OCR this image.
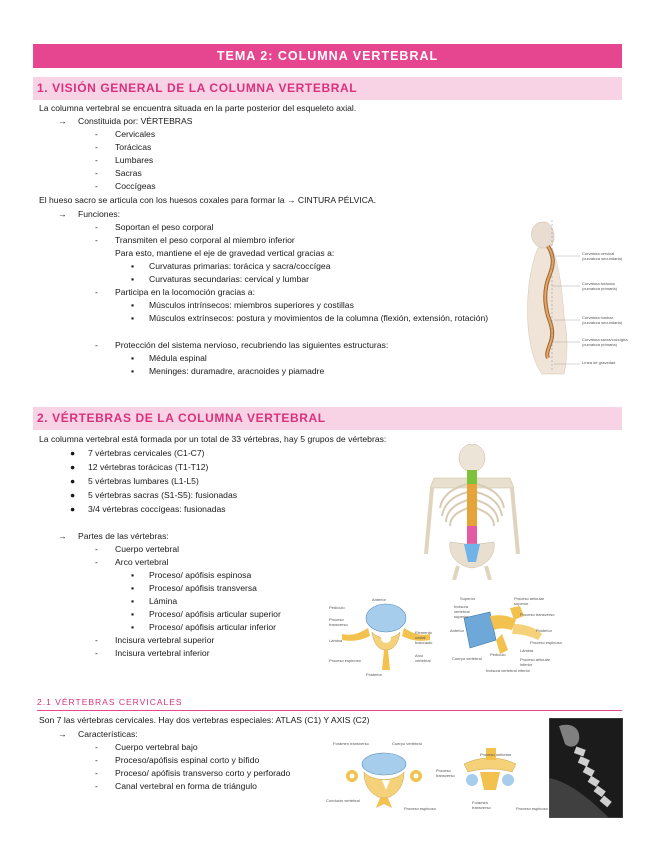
TEMA 2: COLUMNA VERTEBRAL
1. VISIÓN GENERAL DE LA COLUMNA VERTEBRAL
La columna vertebral se encuentra situada en la parte posterior del esqueleto axial.
→ Constituida por: VÉRTEBRAS
- Cervicales
- Torácicas
- Lumbares
- Sacras
- Coccígeas
El hueso sacro se articula con los huesos coxales para formar la → CINTURA PÉLVICA.
→ Funciones:
- Soportan el peso corporal
- Transmiten el peso corporal al miembro inferior
Para esto, mantiene el eje de gravedad vertical gracias a:
▪ Curvaturas primarias: torácica y sacra/coccígea
▪ Curvaturas secundarias: cervical y lumbar
- Participa en la locomoción gracias a:
▪ Músculos intrínsecos: miembros superiores y costillas
▪ Músculos extrínsecos: postura y movimientos de la columna (flexión, extensión, rotación)
- Protección del sistema nervioso, recubriendo las siguientes estructuras:
▪ Médula espinal
▪ Meninges: duramadre, aracnoides y piamadre
Curvatura cervical (curvatura secundaria)
Curvatura torácica (curvatura primaria)
Curvatura lumbar (curvatura secundaria)
Curvatura sacra/coccígea (curvatura primaria)
Línea de gravedad
2. VÉRTEBRAS DE LA COLUMNA VERTEBRAL
La columna vertebral está formada por un total de 33 vértebras, hay 5 grupos de vértebras:
● 7 vértebras cervicales (C1-C7)
● 12 vértebras torácicas (T1-T12)
● 5 vértebras lumbares (L1-L5)
● 5 vértebras sacras (S1-S5): fusionadas
● 3/4 vértebras coccígeas: fusionadas
→ Partes de las vértebras:
- Cuerpo vertebral
- Arco vertebral
▪ Proceso/ apófisis espinosa
▪ Proceso/ apófisis transversa
▪ Lámina
▪ Proceso/ apófisis articular superior
▪ Proceso/ apófisis articular inferior
- Incisura vertebral superior
- Incisura vertebral inferior
Anterior
Pedículo
Proceso transverso
Lámina
Proceso espinoso
Elemento costal fusionado
Arco vertebral
Posterior
Superior	Proceso articular superior
Incisura vertebral superior	Proceso transverso
Anterior
Cuerpo vertebral
Pedículo
Posterior
Lámina
Proceso espinoso
Proceso articular inferior
Incisura vertebral inferior
2.1 VÉRTEBRAS CERVICALES
Son 7 las vértebras cervicales. Hay dos vertebras especiales: ATLAS (C1) Y AXIS (C2)
→ Características:
- Cuerpo vertebral bajo
- Proceso/apófisis espinal corto y bífido
- Proceso/ apófisis transverso corto y perforado
- Canal vertebral en forma de triángulo
Foramen transverso	Cuerpo vertebral
Proceso transverso
Conducto vertebral
Proceso espinoso
Proceso uniforme
Foramen transverso	Proceso espinoso
